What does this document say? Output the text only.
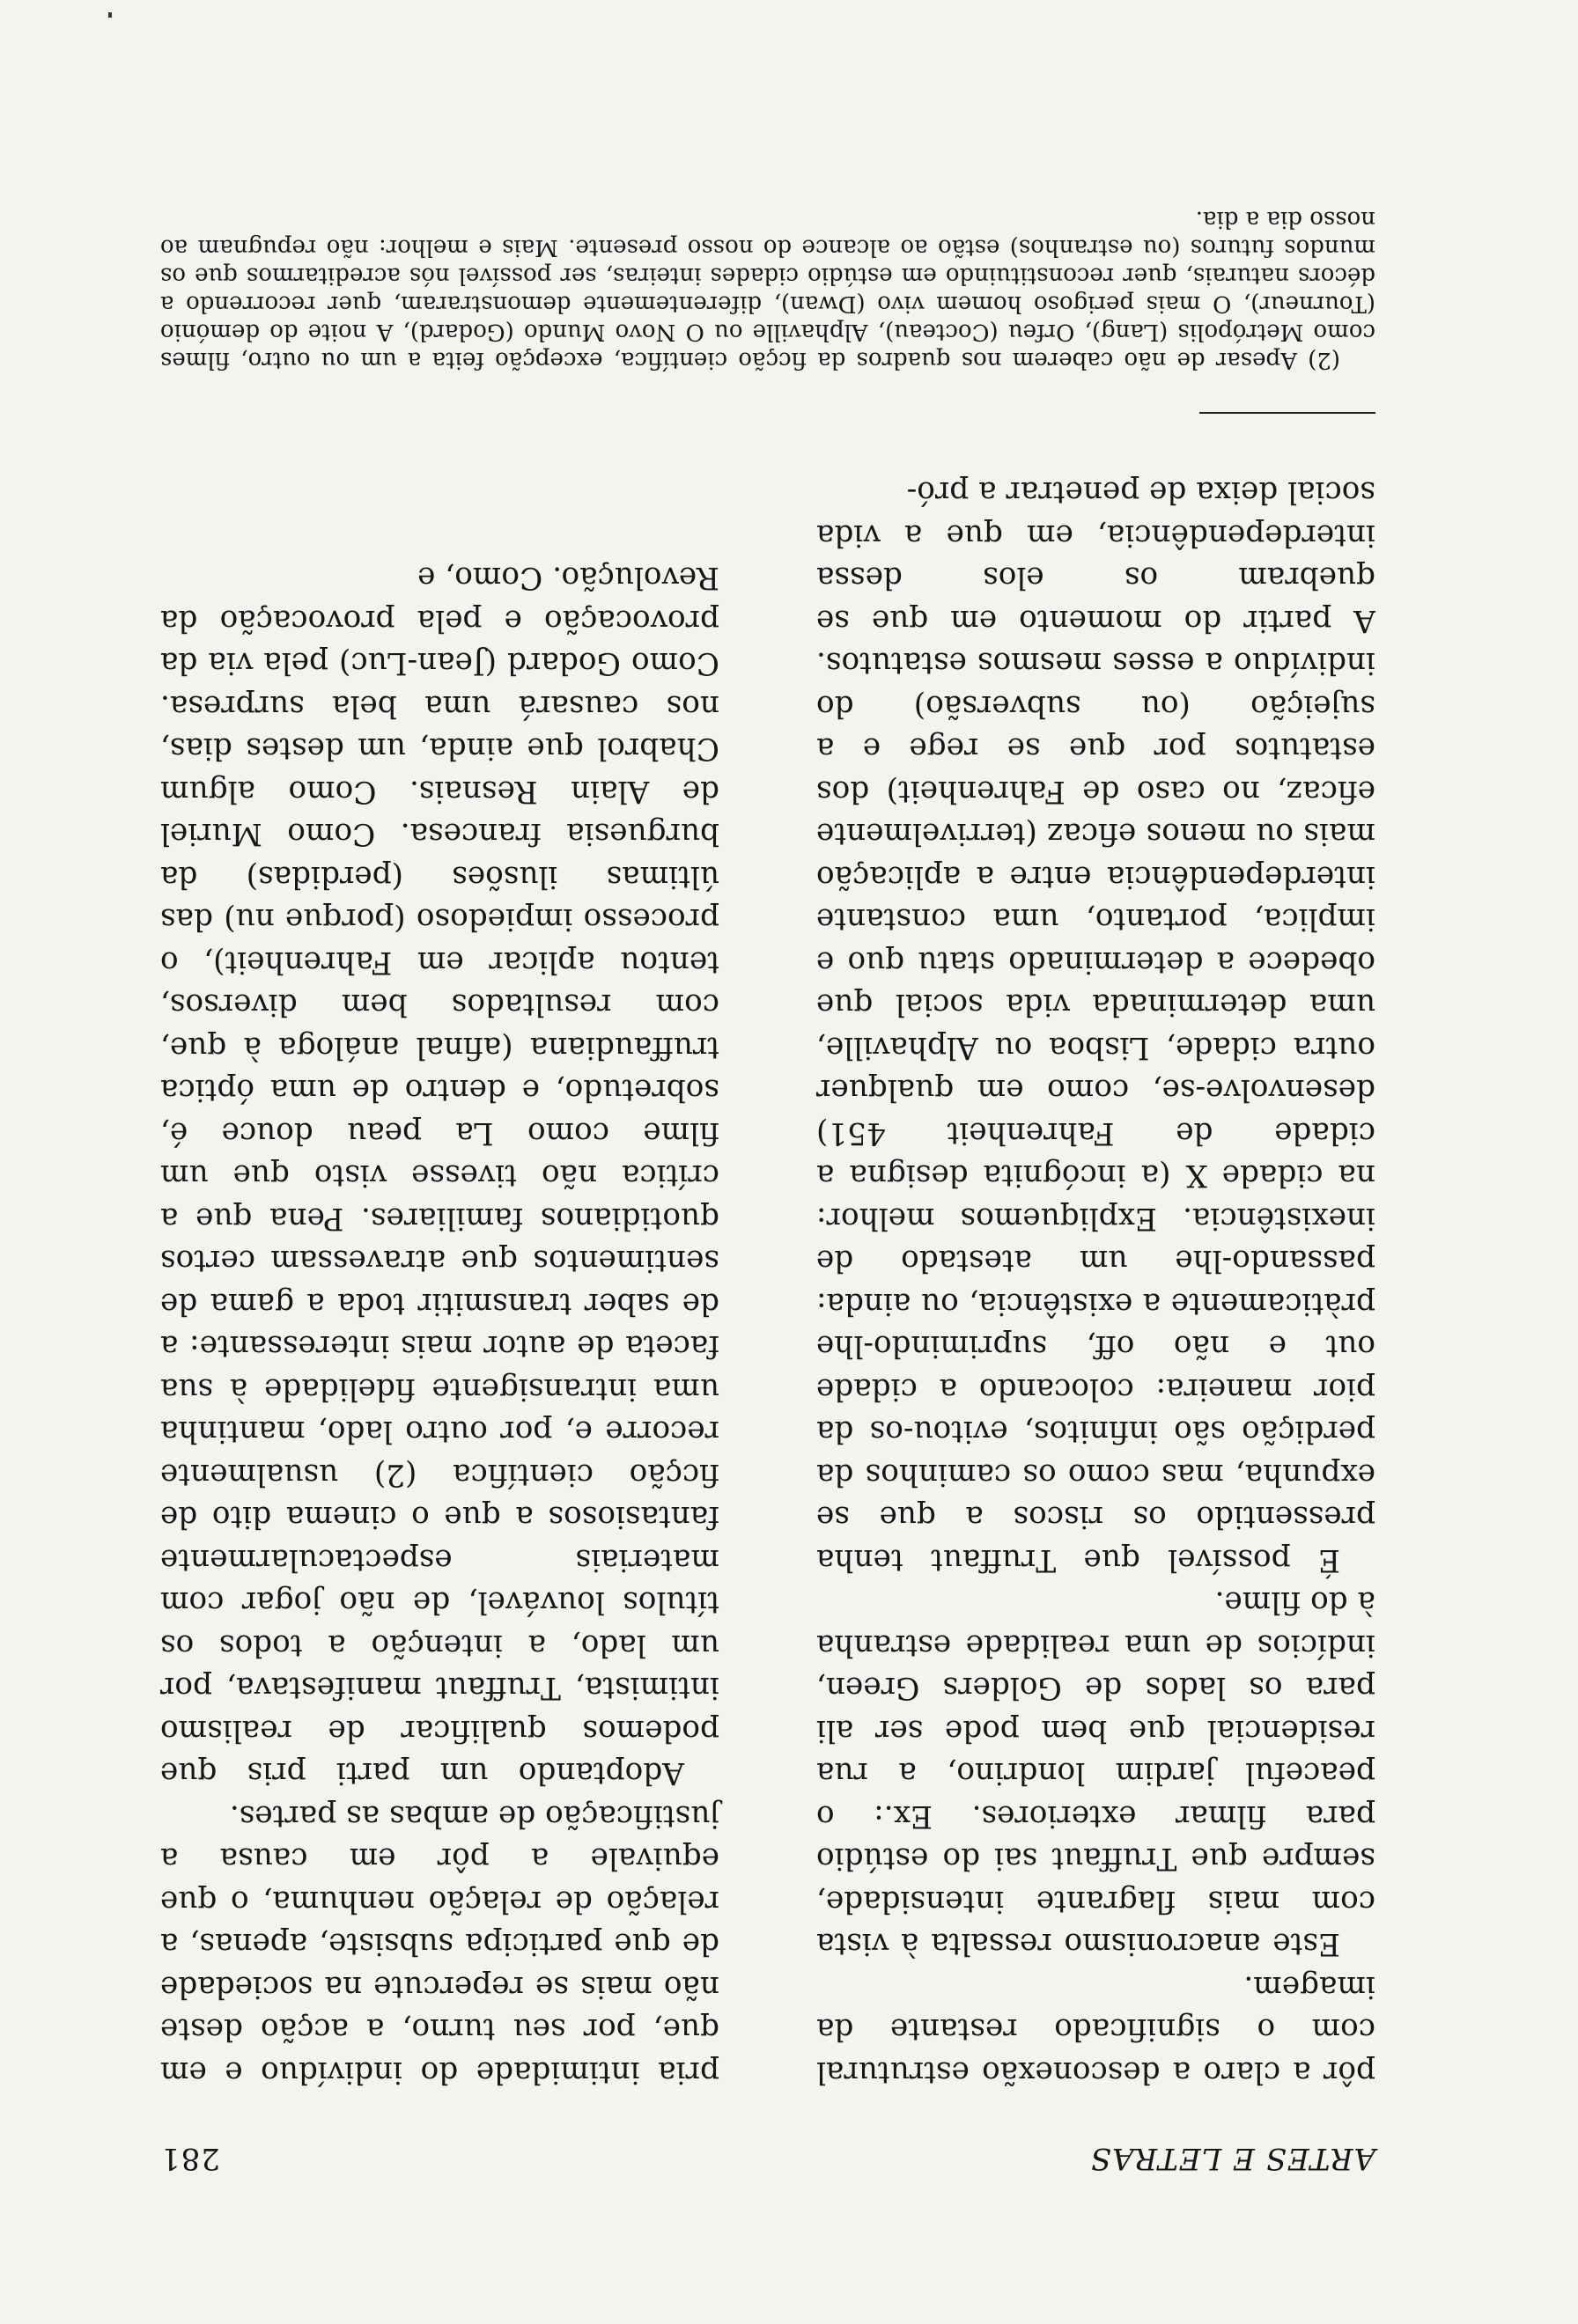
ARTES E LETRAS
281

pôr a claro a desconexão estrutural com o significado restante da imagem.

Este anacronismo ressalta à vista com mais flagrante intensidade, sempre que Truffaut sai do estúdio para filmar exteriores. Ex.: o peaceful jardim londrino, a rua residencial que bem pode ser ali para os lados de Golders Green, indícios de uma realidade estranha à do filme.

É possível que Truffaut tenha pressentido os riscos a que se expunha, mas como os caminhos da perdição são infinitos, evitou-os da pior maneira: colocando a cidade out e não off, suprimindo-lhe pràticamente a existência, ou ainda: passando-lhe um atestado de inexistência. Expliquemos melhor: na cidade X (a incógnita designa a cidade de Fahrenheit 451) desenvolve-se, como em qualquer outra cidade, Lisboa ou Alphaville, uma determinada vida social que obedece a determinado statu quo e implica, portanto, uma constante interdependência entre a aplicação mais ou menos eficaz (terrivelmente eficaz, no caso de Fahrenheit) dos estatutos por que se rege e a sujeição (ou subversão) do indivíduo a esses mesmos estatutos. A partir do momento em que se quebram os elos dessa interdependência, em que a vida social deixa de penetrar a pró-

pria intimidade do indivíduo e em que, por seu turno, a acção deste não mais se repercute na sociedade de que participa subsiste, apenas, a relação de relação nenhuma, o que equivale a pôr em causa a justificação de ambas as partes.

Adoptando um parti pris que podemos qualificar de realismo intimista, Truffaut manifestava, por um lado, a intenção a todos os títulos louvável, de não jogar com materiais espectacularmente fantasiosos a que o cinema dito de ficção científica (2) usualmente recorre e, por outro lado, mantinha uma intransigente fidelidade à sua faceta de autor mais interessante: a de saber transmitir toda a gama de sentimentos que atravessam certos quotidianos familiares. Pena que a crítica não tivesse visto que um filme como La peau douce é, sobretudo, e dentro de uma óptica truffaudiana (afinal análoga à que, com resultados bem diversos, tentou aplicar em Fahrenheit), o processo impiedoso (porque nu) das últimas ilusões (perdidas) da burguesia francesa. Como Muriel de Alain Resnais. Como algum Chabrol que ainda, um destes dias, nos causará uma bela surpresa. Como Godard (Jean-Luc) pela via da provocação e pela provocação da Revolução. Como, e

(2) Apesar de não caberem nos quadros da ficção científica, excepção feita a um ou outro, filmes como Metrópolis (Lang), Orfeu (Cocteau), Alphaville ou O Novo Mundo (Godard), A noite do demónio (Tourneur), O mais perigoso homem vivo (Dwan), diferentemente demonstraram, quer recorrendo a décors naturais, quer reconstituindo em estúdio cidades inteiras, ser possível nós acreditarmos que os mundos futuros (ou estranhos) estão ao alcance do nosso presente. Mais e melhor: não repugnam ao nosso dia a dia.
